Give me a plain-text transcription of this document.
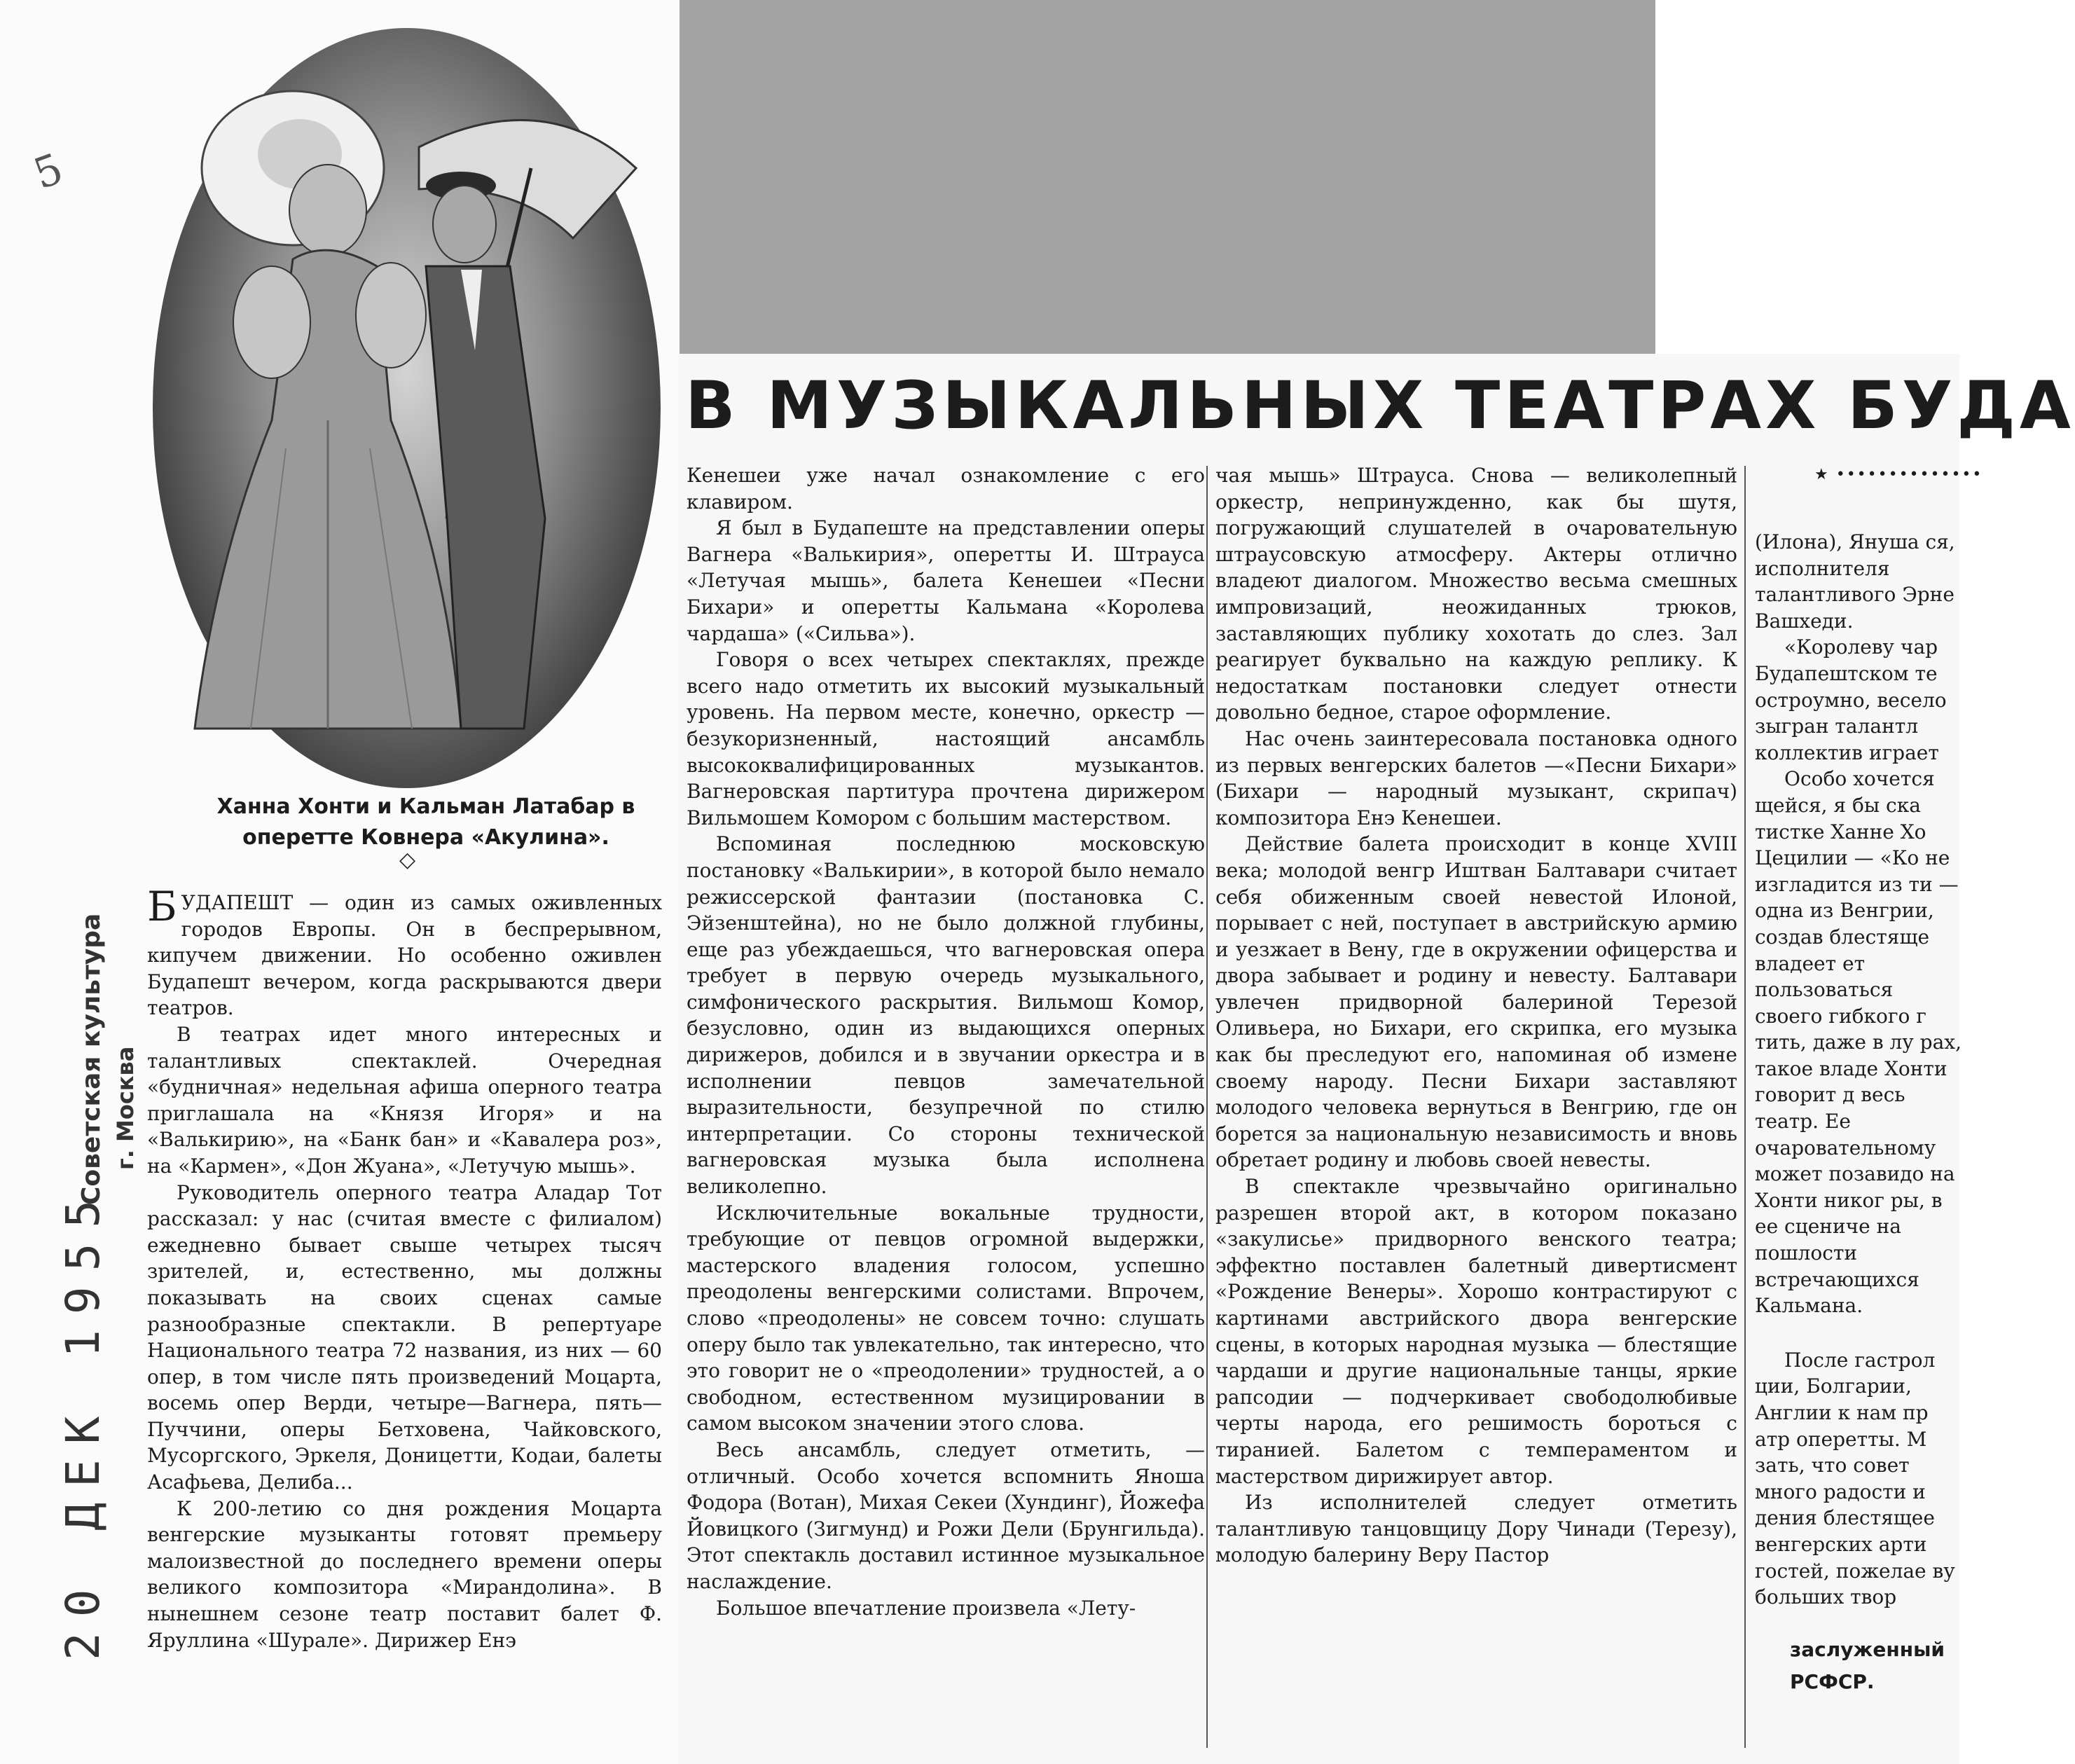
5
Ханна Хонти и Кальман Латабар в оперетте Ковнера «Акулина».
◇
Советская культура г. Москва
20 ДЕК 1955

БУДАПЕШТ — один из самых оживленных городов Европы. Он в беспрерывном, кипучем движении. Но особенно оживлен Будапешт вечером, когда раскрываются двери театров.

В театрах идет много интересных и талантливых спектаклей. Очередная «будничная» недельная афиша оперного театра приглашала на «Князя Игоря» и на «Валькирию», на «Банк бан» и «Кавалера роз», на «Кармен», «Дон Жуана», «Летучую мышь».

Руководитель оперного театра Аладар Тот рассказал: у нас (считая вместе с филиалом) ежедневно бывает свыше четырех тысяч зрителей, и, естественно, мы должны показывать на своих сценах самые разнообразные спектакли. В репертуаре Национального театра 72 названия, из них — 60 опер, в том числе пять произведений Моцарта, восемь опер Верди, четыре—Вагнера, пять—Пуччини, оперы Бетховена, Чайковского, Мусоргского, Эркеля, Доницетти, Кодаи, балеты Асафьева, Делиба...

К 200-летию со дня рождения Моцарта венгерские музыканты готовят премьеру малоизвестной до последнего времени оперы великого композитора «Мирандолина». В нынешнем сезоне театр поставит балет Ф. Яруллина «Шурале». Дирижер Енэ

В МУЗЫКАЛЬНЫХ ТЕАТРАХ БУДА

Кенешеи уже начал ознакомление с его клавиром.

Я был в Будапеште на представлении оперы Вагнера «Валькирия», оперетты И. Штрауса «Летучая мышь», балета Кенешеи «Песни Бихари» и оперетты Кальмана «Королева чардаша» («Сильва»).

Говоря о всех четырех спектаклях, прежде всего надо отметить их высокий музыкальный уровень. На первом месте, конечно, оркестр — безукоризненный, настоящий ансамбль высококвалифицированных музыкантов. Вагнеровская партитура прочтена дирижером Вильмошем Комором с большим мастерством.

Вспоминая последнюю московскую постановку «Валькирии», в которой было немало режиссерской фантазии (постановка С. Эйзенштейна), но не было должной глубины, еще раз убеждаешься, что вагнеровская опера требует в первую очередь музыкального, симфонического раскрытия. Вильмош Комор, безусловно, один из выдающихся оперных дирижеров, добился и в звучании оркестра и в исполнении певцов замечательной выразительности, безупречной по стилю интерпретации. Со стороны технической вагнеровская музыка была исполнена великолепно.

Исключительные вокальные трудности, требующие от певцов огромной выдержки, мастерского владения голосом, успешно преодолены венгерскими солистами. Впрочем, слово «преодолены» не совсем точно: слушать оперу было так увлекательно, так интересно, что это говорит не о «преодолении» трудностей, а о свободном, естественном музицировании в самом высоком значении этого слова.

Весь ансамбль, следует отметить, — отличный. Особо хочется вспомнить Яноша Фодора (Вотан), Михая Секеи (Хундинг), Йожефа Йовицкого (Зигмунд) и Рожи Дели (Брунгильда). Этот спектакль доставил истинное музыкальное наслаждение.

Большое впечатление произвела «Лету-

чая мышь» Штрауса. Снова — великолепный оркестр, непринужденно, как бы шутя, погружающий слушателей в очаровательную штраусовскую атмосферу. Актеры отлично владеют диалогом. Множество весьма смешных импровизаций, неожиданных трюков, заставляющих публику хохотать до слез. Зал реагирует буквально на каждую реплику. К недостаткам постановки следует отнести довольно бедное, старое оформление.

Нас очень заинтересовала постановка одного из первых венгерских балетов —«Песни Бихари» (Бихари — народный музыкант, скрипач) композитора Енэ Кенешеи.

Действие балета происходит в конце XVIII века; молодой венгр Иштван Балтавари считает себя обиженным своей невестой Илоной, порывает с ней, поступает в австрийскую армию и уезжает в Вену, где в окружении офицерства и двора забывает и родину и невесту. Балтавари увлечен придворной балериной Терезой Оливьера, но Бихари, его скрипка, его музыка как бы преследуют его, напоминая об измене своему народу. Песни Бихари заставляют молодого человека вернуться в Венгрию, где он борется за национальную независимость и вновь обретает родину и любовь своей невесты.

В спектакле чрезвычайно оригинально разрешен второй акт, в котором показано «закулисье» придворного венского театра; эффектно поставлен балетный дивертисмент «Рождение Венеры». Хорошо контрастируют с картинами австрийского двора венгерские сцены, в которых народная музыка — блестящие чардаши и другие национальные танцы, яркие рапсодии — подчеркивает свободолюбивые черты народа, его решимость бороться с тиранией. Балетом с темпераментом и мастерством дирижирует автор.

Из исполнителей следует отметить талантливую танцовщицу Дору Чинади (Терезу), молодую балерину Веру Пастор

★ ••••••••••••••

(Илона), Януша ся, исполнителя талантливого Эрне Вашхеди.

«Королеву чар Будапештском те остроумно, весело зыгран талантл коллектив играет

Особо хочется щейся, я бы ска тистке Ханне Хо Цецилии — «Ко не изгладится из ти — одна из Венгрии, создав блестяще владеет ет пользоваться своего гибкого г тить, даже в лу рах, такое владе Хонти говорит д весь театр. Ее очаровательному может позавидо на Хонти никог ры, в ее сцениче на пошлости встречающихся Кальмана.

После гастрол ции, Болгарии, Англии к нам пр атр оперетты. М зать, что совет много радости и дения блестящее венгерских арти гостей, пожелае ву больших твор

заслуженный
РСФСР.
